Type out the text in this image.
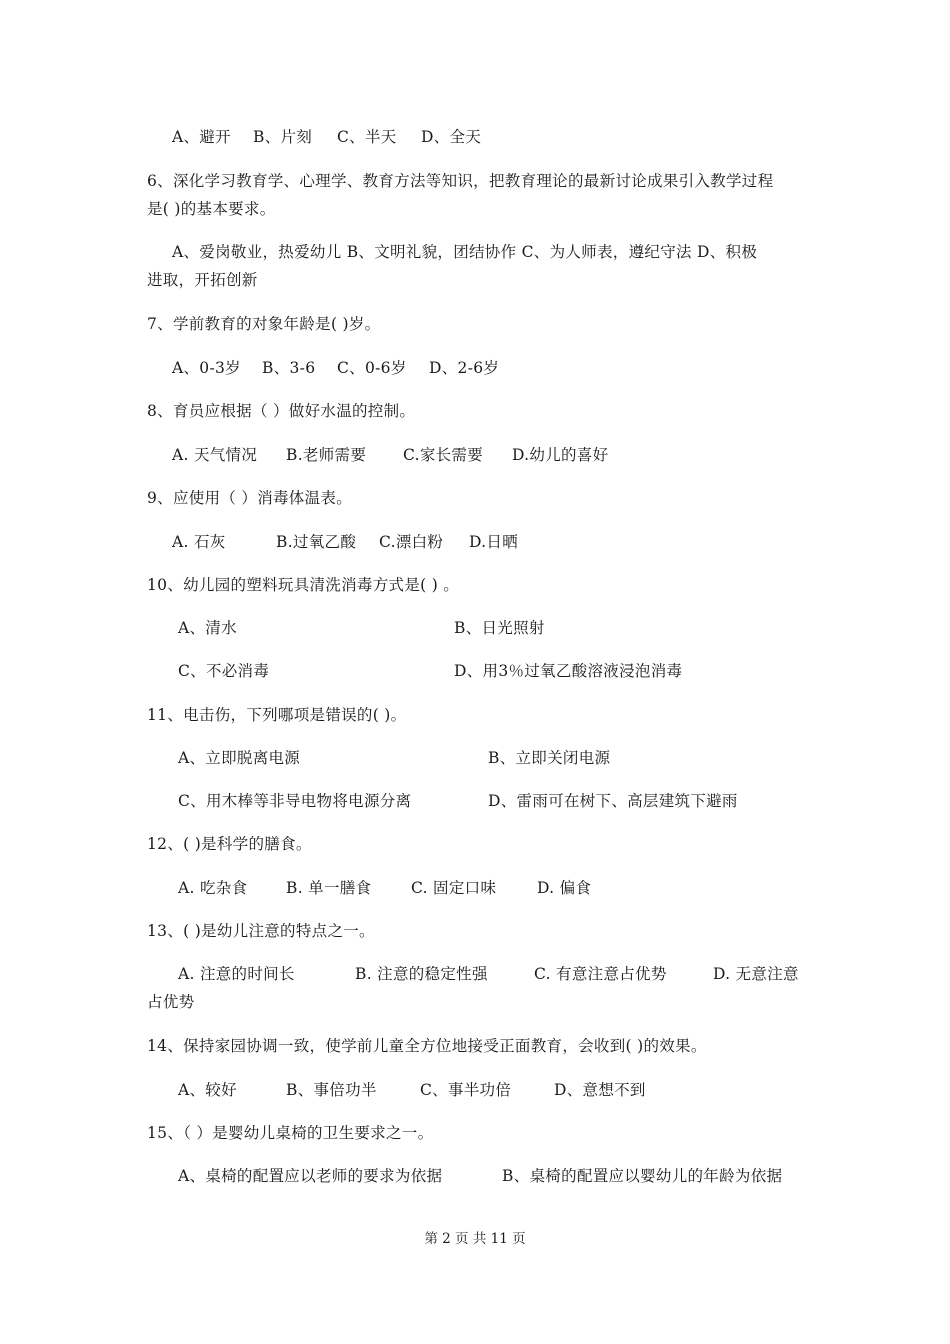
A、避开 B、片刻 C、半天 D、全天
6、深化学习教育学、心理学、教育方法等知识，把教育理论的最新讨论成果引入教学过程
是( )的基本要求。
A、爱岗敬业，热爱幼儿 B、文明礼貌，团结协作 C、为人师表，遵纪守法 D、积极
进取，开拓创新
7、学前教育的对象年龄是( )岁。
A、0-3岁 B、3-6 C、0-6岁 D、2-6岁
8、育员应根据（ ）做好水温的控制。
A. 天气情况 B.老师需要 C.家长需要 D.幼儿的喜好
9、应使用（ ）消毒体温表。
A. 石灰	B.过氧乙酸 C.漂白粉 D.日晒
10、幼儿园的塑料玩具清洗消毒方式是( ) 。
A、清水	B、日光照射
C、不必消毒	D、用3％过氧乙酸溶液浸泡消毒
11、电击伤，下列哪项是错误的( )。
A、立即脱离电源	B、立即关闭电源
C、用木棒等非导电物将电源分离	D、雷雨可在树下、高层建筑下避雨
12、( )是科学的膳食。
A. 吃杂食 B. 单一膳食	C. 固定口味	D. 偏食
13、( )是幼儿注意的特点之一。
A. 注意的时间长	B. 注意的稳定性强	C. 有意注意占优势	D. 无意注意
占优势
14、保持家园协调一致，使学前儿童全方位地接受正面教育，会收到( )的效果。
A、较好	B、事倍功半	C、事半功倍	D、意想不到
15、（ ）是婴幼儿桌椅的卫生要求之一。
A、桌椅的配置应以老师的要求为依据	B、桌椅的配置应以婴幼儿的年龄为依据
第 2 页 共 11 页
